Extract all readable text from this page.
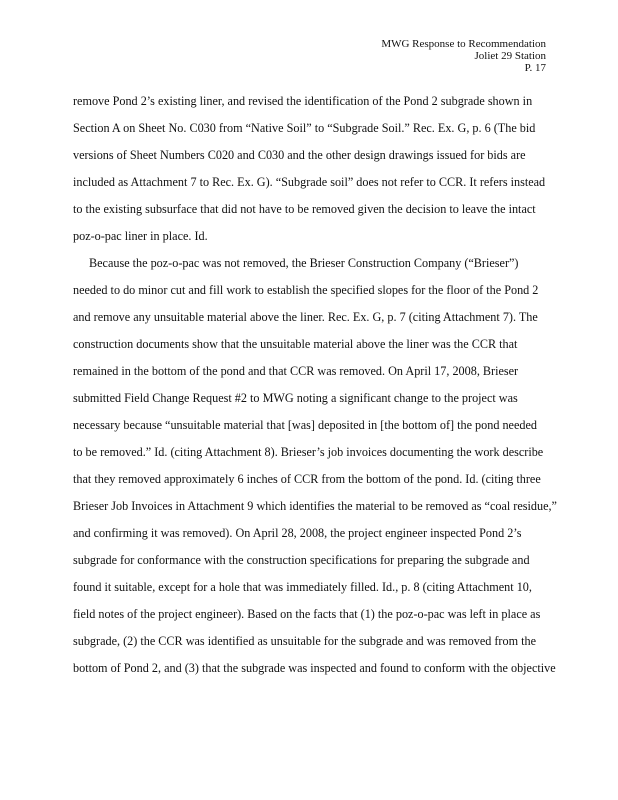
MWG Response to Recommendation
Joliet 29 Station
P. 17
remove Pond 2’s existing liner, and revised the identification of the Pond 2 subgrade shown in
Section A on Sheet No. C030 from “Native Soil” to “Subgrade Soil.” Rec. Ex. G, p. 6 (The bid
versions of Sheet Numbers C020 and C030 and the other design drawings issued for bids are
included as Attachment 7 to Rec. Ex. G). “Subgrade soil” does not refer to CCR. It refers instead
to the existing subsurface that did not have to be removed given the decision to leave the intact
poz-o-pac liner in place. Id.
Because the poz-o-pac was not removed, the Brieser Construction Company (“Brieser”)
needed to do minor cut and fill work to establish the specified slopes for the floor of the Pond 2
and remove any unsuitable material above the liner. Rec. Ex. G, p. 7 (citing Attachment 7). The
construction documents show that the unsuitable material above the liner was the CCR that
remained in the bottom of the pond and that CCR was removed. On April 17, 2008, Brieser
submitted Field Change Request #2 to MWG noting a significant change to the project was
necessary because “unsuitable material that [was] deposited in [the bottom of] the pond needed
to be removed.” Id. (citing Attachment 8). Brieser’s job invoices documenting the work describe
that they removed approximately 6 inches of CCR from the bottom of the pond. Id. (citing three
Brieser Job Invoices in Attachment 9 which identifies the material to be removed as “coal residue,”
and confirming it was removed). On April 28, 2008, the project engineer inspected Pond 2’s
subgrade for conformance with the construction specifications for preparing the subgrade and
found it suitable, except for a hole that was immediately filled. Id., p. 8 (citing Attachment 10,
field notes of the project engineer). Based on the facts that (1) the poz-o-pac was left in place as
subgrade, (2) the CCR was identified as unsuitable for the subgrade and was removed from the
bottom of Pond 2, and (3) that the subgrade was inspected and found to conform with the objective
